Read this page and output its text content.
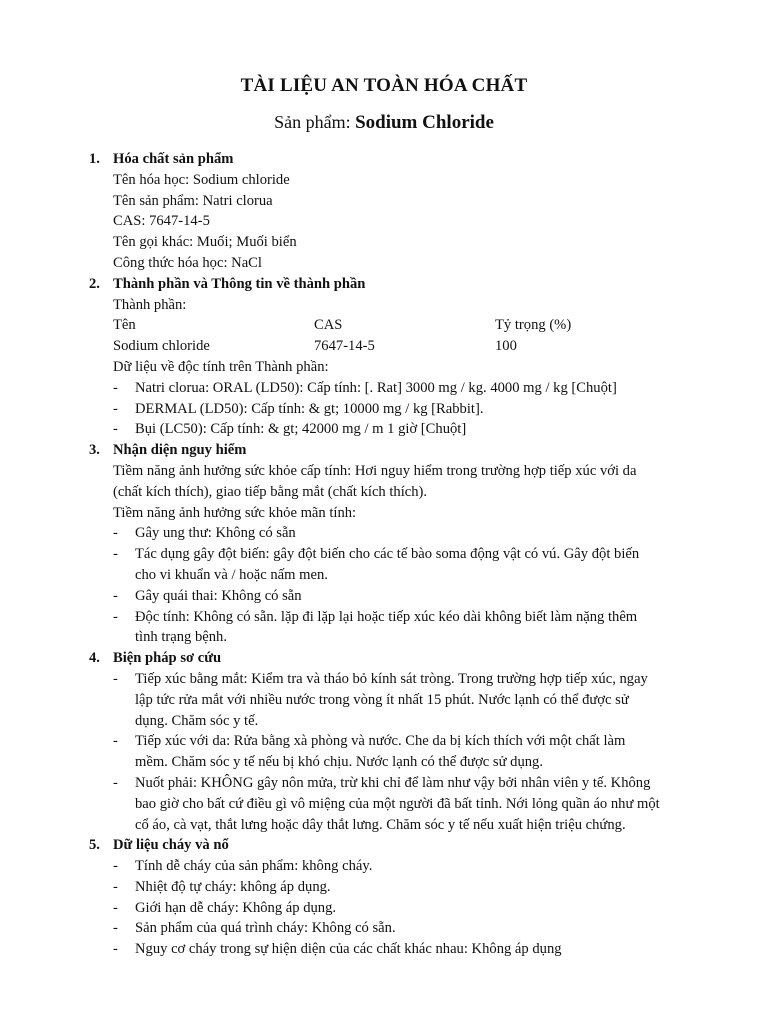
TÀI LIỆU AN TOÀN HÓA CHẤT
Sản phẩm: Sodium Chloride
1. Hóa chất sản phẩm
Tên hóa học: Sodium chloride
Tên sản phẩm: Natri clorua
CAS: 7647-14-5
Tên gọi khác: Muối; Muối biển
Công thức hóa học: NaCl
2. Thành phần và Thông tin về thành phần
Thành phần:
Tên	CAS	Tỷ trọng (%)
Sodium chloride	7647-14-5	100
Dữ liệu về độc tính trên Thành phần:
- Natri clorua: ORAL (LD50): Cấp tính: [. Rat] 3000 mg / kg. 4000 mg / kg [Chuột]
- DERMAL (LD50): Cấp tính: & gt; 10000 mg / kg [Rabbit].
- Bụi (LC50): Cấp tính: & gt; 42000 mg / m 1 giờ [Chuột]
3. Nhận diện nguy hiểm
Tiềm năng ảnh hưởng sức khỏe cấp tính: Hơi nguy hiểm trong trường hợp tiếp xúc với da
(chất kích thích), giao tiếp bằng mắt (chất kích thích).
Tiềm năng ảnh hưởng sức khỏe mãn tính:
- Gây ung thư: Không có sẵn
- Tác dụng gây đột biến: gây đột biến cho các tế bào soma động vật có vú. Gây đột biến
cho vi khuẩn và / hoặc nấm men.
- Gây quái thai: Không có sẵn
- Độc tính: Không có sẵn. lặp đi lặp lại hoặc tiếp xúc kéo dài không biết làm nặng thêm
tình trạng bệnh.
4. Biện pháp sơ cứu
- Tiếp xúc bằng mắt: Kiểm tra và tháo bỏ kính sát tròng. Trong trường hợp tiếp xúc, ngay
lập tức rửa mắt với nhiều nước trong vòng ít nhất 15 phút. Nước lạnh có thể được sử
dụng. Chăm sóc y tế.
- Tiếp xúc với da: Rửa bằng xà phòng và nước. Che da bị kích thích với một chất làm
mềm. Chăm sóc y tế nếu bị khó chịu. Nước lạnh có thể được sử dụng.
- Nuốt phải: KHÔNG gây nôn mửa, trừ khi chỉ để làm như vậy bởi nhân viên y tế. Không
bao giờ cho bất cứ điều gì vô miệng của một người đã bất tỉnh. Nới lỏng quần áo như một
cổ áo, cà vạt, thắt lưng hoặc dây thắt lưng. Chăm sóc y tế nếu xuất hiện triệu chứng.
5. Dữ liệu cháy và nổ
- Tính dễ cháy của sản phẩm: không cháy.
- Nhiệt độ tự cháy: không áp dụng.
- Giới hạn dễ cháy: Không áp dụng.
- Sản phẩm của quá trình cháy: Không có sẵn.
- Nguy cơ cháy trong sự hiện diện của các chất khác nhau: Không áp dụng
